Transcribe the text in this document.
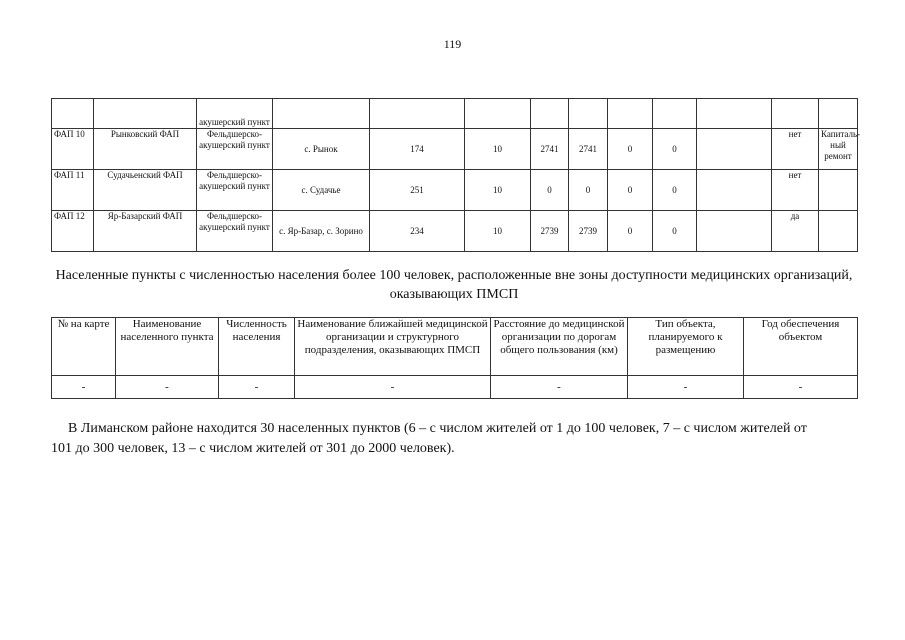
119
		акушерский пункт										
ФАП 10	Рынковский ФАП	Фельдшерско-акушерский пункт	с. Рынок	174	10	2741	2741	0	0		нет	Капиталь-ный ремонт
ФАП 11	Судачьенский ФАП	Фельдшерско-акушерский пункт	с. Судачье	251	10	0	0	0	0		нет	
ФАП 12	Яр-Базарский ФАП	Фельдшерско-акушерский пункт	с. Яр-Базар, с. Зорино	234	10	2739	2739	0	0		да	
Населенные пункты с численностью населения более 100 человек, расположенные вне зоны доступности медицинских организаций, оказывающих ПМСП
№ на карте	Наименование населенного пункта	Численность населения	Наименование ближайшей медицинской организации и структурного подразделения, оказывающих ПМСП	Расстояние до медицинской организации по дорогам общего пользования (км)	Тип объекта, планируемого к размещению	Год обеспечения объектом
-	-	-	-	-	-	-
В Лиманском районе находится 30 населенных пунктов (6 – с числом жителей от 1 до 100 человек, 7 – с числом жителей от
101 до 300 человек, 13 – с числом жителей от 301 до 2000 человек).
